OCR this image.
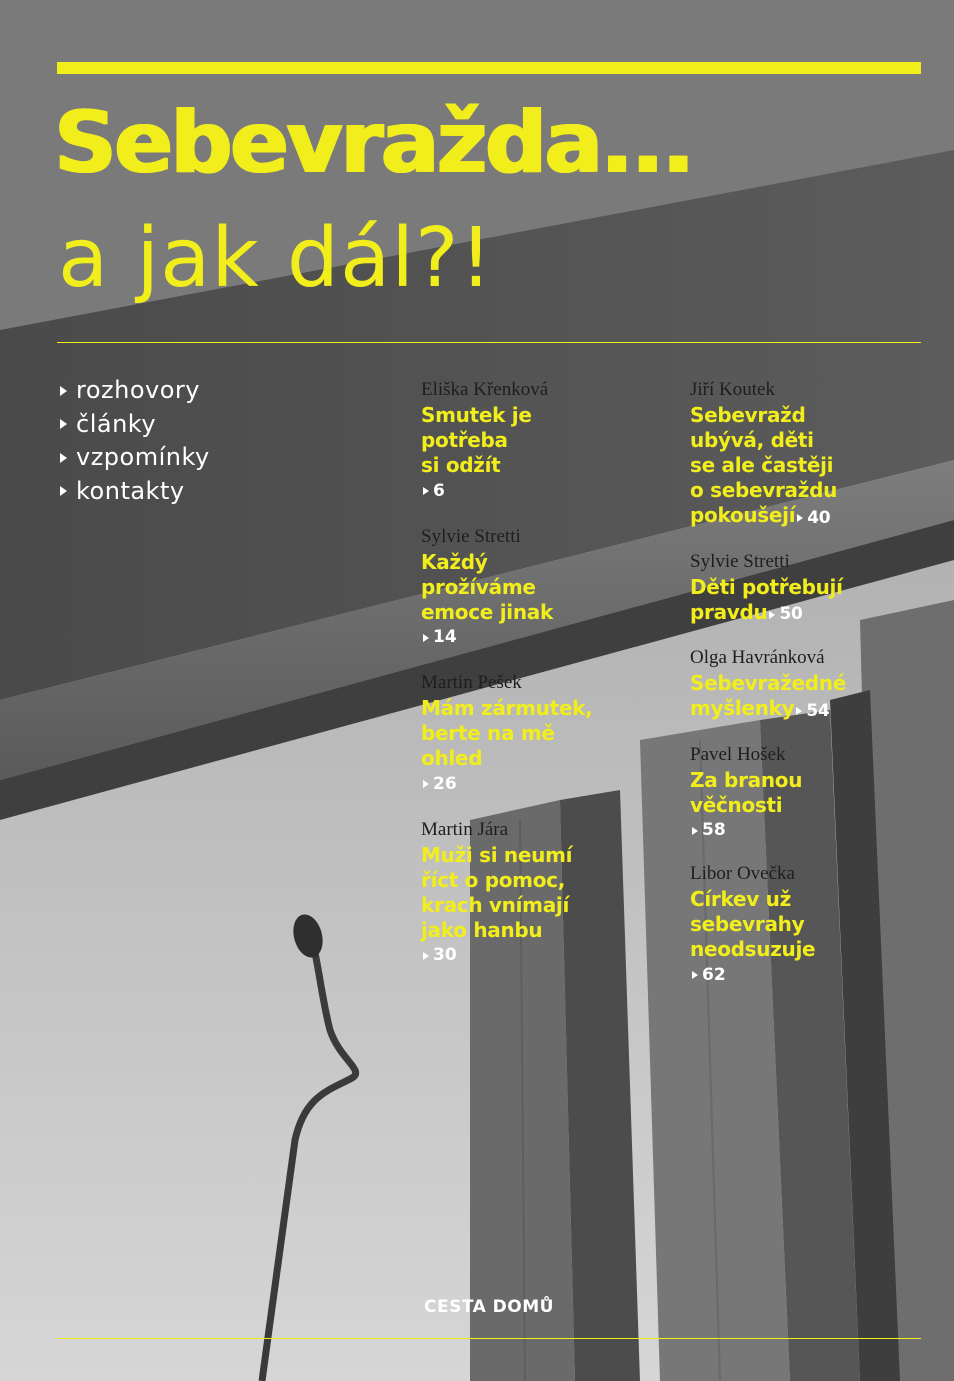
Sebevražda...
a jak dál?!
rozhovory
články
vzpomínky
kontakty
Eliška Křenková
Smutek je
potřeba
si odžít
6
Sylvie Stretti
Každý
prožíváme
emoce jinak
14
Martin Pešek
Mám zármutek,
berte na mě
ohled
26
Martin Jára
Muži si neumí
říct o pomoc,
krach vnímají
jako hanbu
30
Jiří Koutek
Sebevražd
ubývá, děti
se ale častěji
o sebevraždu
pokoušejí 40
Sylvie Stretti
Děti potřebují
pravdu 50
Olga Havránková
Sebevražedné
myšlenky 54
Pavel Hošek
Za branou
věčnosti
58
Libor Ovečka
Církev už
sebevrahy
neodsuzuje
62

CESTA DOMŮ
